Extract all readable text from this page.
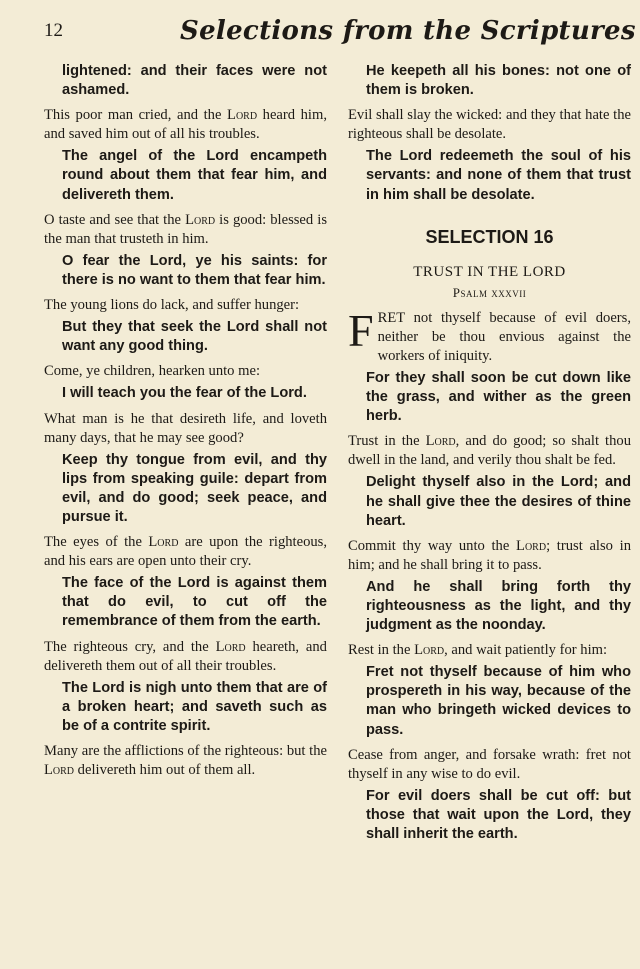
12	Selections from the Scriptures

lightened: and their faces were not ashamed.

This poor man cried, and the Lord heard him, and saved him out of all his troubles.

The angel of the Lord encampeth round about them that fear him, and delivereth them.

O taste and see that the Lord is good: blessed is the man that trusteth in him.

O fear the Lord, ye his saints: for there is no want to them that fear him.

The young lions do lack, and suffer hunger:

But they that seek the Lord shall not want any good thing.

Come, ye children, hearken unto me:

I will teach you the fear of the Lord.

What man is he that desireth life, and loveth many days, that he may see good?

Keep thy tongue from evil, and thy lips from speaking guile: depart from evil, and do good; seek peace, and pursue it.

The eyes of the Lord are upon the righteous, and his ears are open unto their cry.

The face of the Lord is against them that do evil, to cut off the remembrance of them from the earth.

The righteous cry, and the Lord heareth, and delivereth them out of all their troubles.

The Lord is nigh unto them that are of a broken heart; and saveth such as be of a contrite spirit.

Many are the afflictions of the righteous: but the Lord delivereth him out of them all.

He keepeth all his bones: not one of them is broken.

Evil shall slay the wicked: and they that hate the righteous shall be desolate.

The Lord redeemeth the soul of his servants: and none of them that trust in him shall be desolate.

SELECTION 16
TRUST IN THE LORD
Psalm xxxvii

FRET not thyself because of evil doers, neither be thou envious against the workers of iniquity.

For they shall soon be cut down like the grass, and wither as the green herb.

Trust in the Lord, and do good; so shalt thou dwell in the land, and verily thou shalt be fed.

Delight thyself also in the Lord; and he shall give thee the desires of thine heart.

Commit thy way unto the Lord; trust also in him; and he shall bring it to pass.

And he shall bring forth thy righteousness as the light, and thy judgment as the noonday.

Rest in the Lord, and wait patiently for him:

Fret not thyself because of him who prospereth in his way, because of the man who bringeth wicked devices to pass.

Cease from anger, and forsake wrath: fret not thyself in any wise to do evil.

For evil doers shall be cut off: but those that wait upon the Lord, they shall inherit the earth.
